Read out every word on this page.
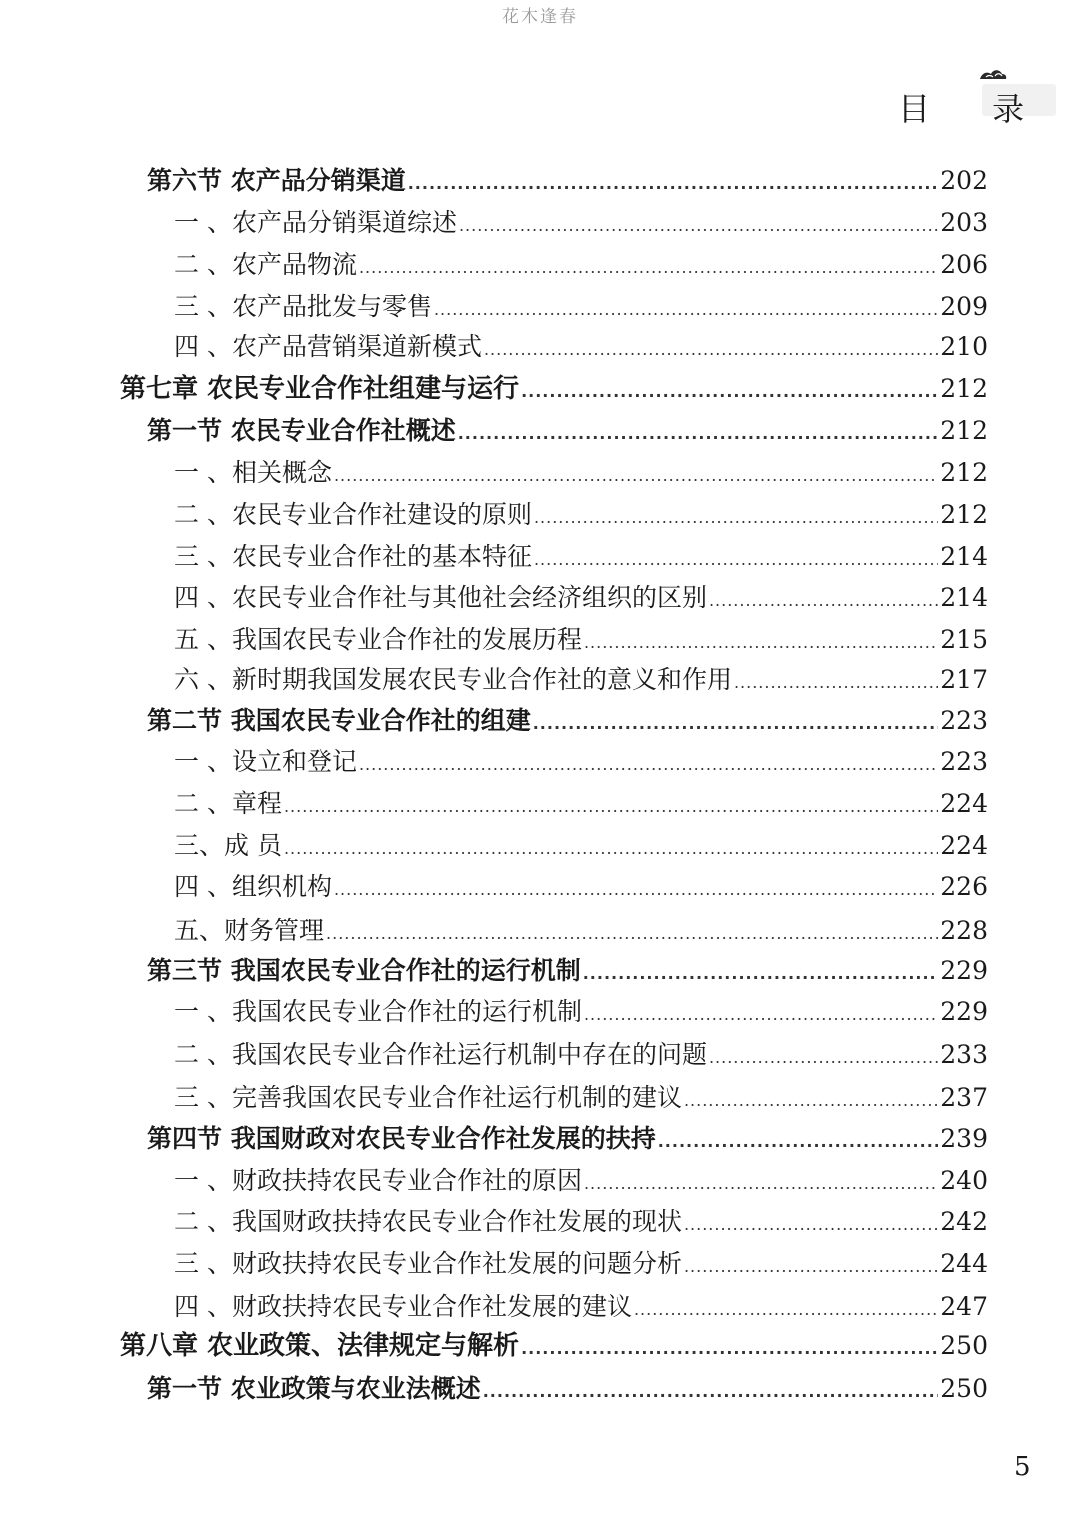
花木逢春
目 录
第六节 农产品分销渠道 .....	202
一 、农产品分销渠道综述 .....	203
二 、农产品物流 .....	206
三 、农产品批发与零售 .....	209
四 、农产品营销渠道新模式 .....	210
第七章 农民专业合作社组建与运行 .....	212
第一节 农民专业合作社概述 .....	212
一 、相关概念 .....	212
二 、农民专业合作社建设的原则 .....	212
三 、农民专业合作社的基本特征 .....	214
四 、农民专业合作社与其他社会经济组织的区别 .....	214
五 、我国农民专业合作社的发展历程 .....	215
六 、新时期我国发展农民专业合作社的意义和作用 .....	217
第二节 我国农民专业合作社的组建 .....	223
一 、设立和登记 .....	223
二 、章程 .....	224
三、成 员 .....	224
四 、组织机构 .....	226
五、财务管理 .....	228
第三节 我国农民专业合作社的运行机制 .....	229
一 、我国农民专业合作社的运行机制 .....	229
二 、我国农民专业合作社运行机制中存在的问题 .....	233
三 、完善我国农民专业合作社运行机制的建议 .....	237
第四节 我国财政对农民专业合作社发展的扶持 .....	239
一 、财政扶持农民专业合作社的原因 .....	240
二 、我国财政扶持农民专业合作社发展的现状 .....	242
三 、财政扶持农民专业合作社发展的问题分析 .....	244
四 、财政扶持农民专业合作社发展的建议 .....	247
第八章 农业政策、法律规定与解析 .....	250
第一节 农业政策与农业法概述 .....	250
5
